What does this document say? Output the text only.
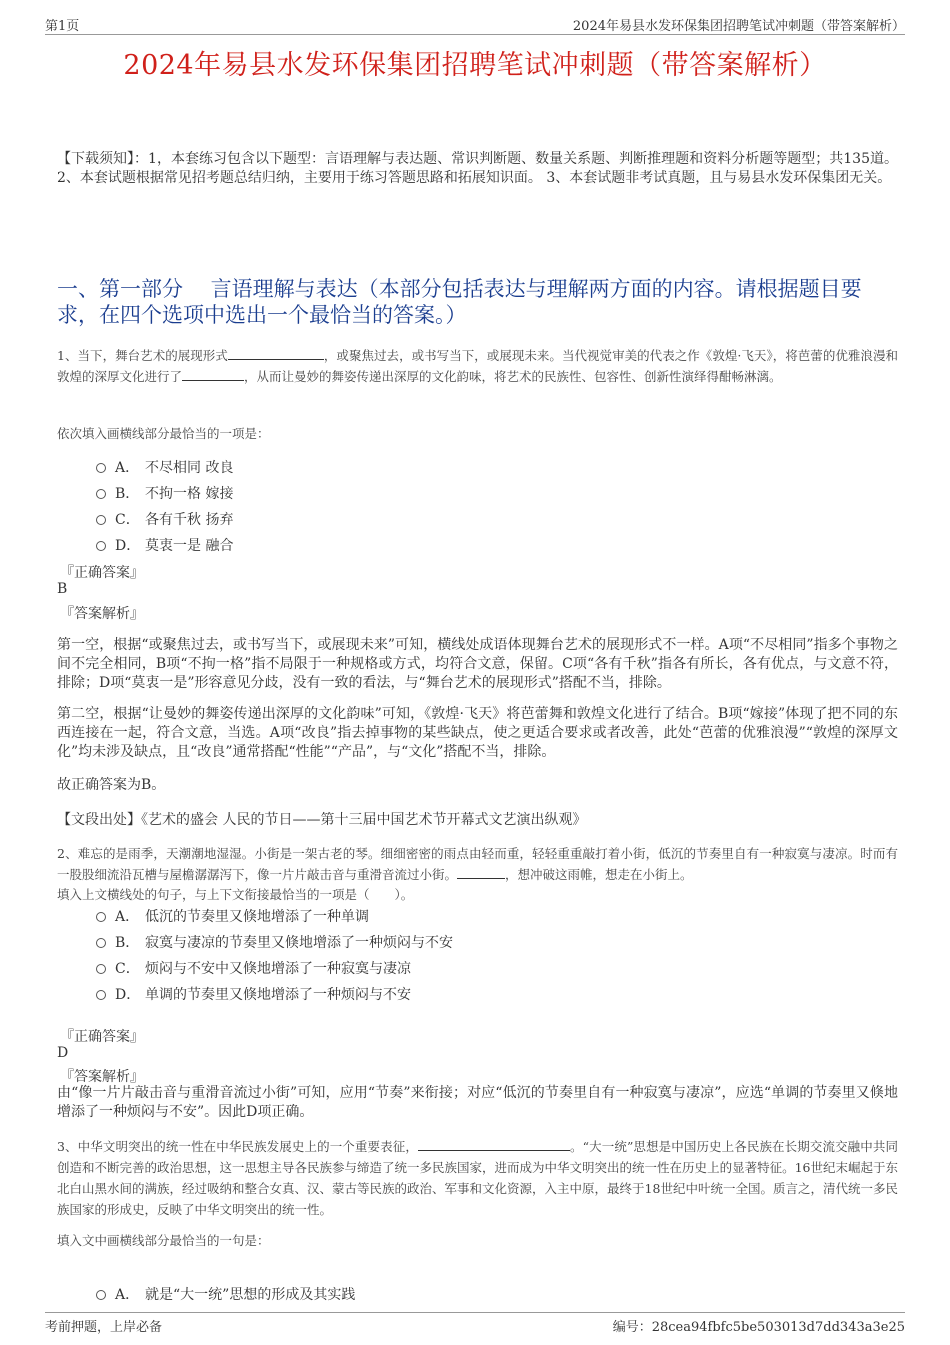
第1页	2024年易县水发环保集团招聘笔试冲刺题（带答案解析）
2024年易县水发环保集团招聘笔试冲刺题（带答案解析）
【下载须知】：1，本套练习包含以下题型：言语理解与表达题、常识判断题、数量关系题、判断推理题和资料分析题等题型；共135道。 2、本套试题根据常见招考题总结归纳，主要用于练习答题思路和拓展知识面。 3、本套试题非考试真题，且与易县水发环保集团无关。
一、第一部分　 言语理解与表达（本部分包括表达与理解两方面的内容。请根据题目要求，在四个选项中选出一个最恰当的答案。）
1、当下，舞台艺术的展现形式	，或聚焦过去，或书写当下，或展现未来。当代视觉审美的代表之作《敦煌·飞天》，将芭蕾的优雅浪漫和敦煌的深厚文化进行了	，从而让曼妙的舞姿传递出深厚的文化韵味，将艺术的民族性、包容性、创新性演绎得酣畅淋漓。
依次填入画横线部分最恰当的一项是：
A． 不尽相同 改良
B． 不拘一格 嫁接
C． 各有千秋 扬弃
D． 莫衷一是 融合
『正确答案』
B
『答案解析』
第一空，根据“或聚焦过去，或书写当下，或展现未来”可知，横线处成语体现舞台艺术的展现形式不一样。A项“不尽相同”指多个事物之间不完全相同，B项“不拘一格”指不局限于一种规格或方式，均符合文意，保留。C项“各有千秋”指各有所长，各有优点，与文意不符，排除；D项“莫衷一是”形容意见分歧，没有一致的看法，与“舞台艺术的展现形式”搭配不当，排除。
第二空，根据“让曼妙的舞姿传递出深厚的文化韵味”可知，《敦煌·飞天》将芭蕾舞和敦煌文化进行了结合。B项“嫁接”体现了把不同的东西连接在一起，符合文意，当选。A项“改良”指去掉事物的某些缺点，使之更适合要求或者改善，此处“芭蕾的优雅浪漫”“敦煌的深厚文化”均未涉及缺点，且“改良”通常搭配“性能”“产品”，与“文化”搭配不当，排除。
故正确答案为B。
【文段出处】《艺术的盛会 人民的节日——第十三届中国艺术节开幕式文艺演出纵观》
2、难忘的是雨季，天潮潮地湿湿。小街是一架古老的琴。细细密密的雨点由轻而重，轻轻重重敲打着小街，低沉的节奏里自有一种寂寞与凄凉。时而有一股股细流沿瓦槽与屋檐潺潺泻下，像一片片敲击音与重滑音流过小街。	，想冲破这雨帷，想走在小街上。
填入上文横线处的句子，与上下文衔接最恰当的一项是（　　）。
A． 低沉的节奏里又倏地增添了一种单调
B． 寂寞与凄凉的节奏里又倏地增添了一种烦闷与不安
C． 烦闷与不安中又倏地增添了一种寂寞与凄凉
D． 单调的节奏里又倏地增添了一种烦闷与不安
『正确答案』
D
『答案解析』
由“像一片片敲击音与重滑音流过小街”可知，应用“节奏”来衔接；对应“低沉的节奏里自有一种寂寞与凄凉”，应选“单调的节奏里又倏地增添了一种烦闷与不安”。因此D项正确。
3、中华文明突出的统一性在中华民族发展史上的一个重要表征，	。“大一统”思想是中国历史上各民族在长期交流交融中共同创造和不断完善的政治思想，这一思想主导各民族参与缔造了统一多民族国家，进而成为中华文明突出的统一性在历史上的显著特征。16世纪末崛起于东北白山黑水间的满族，经过吸纳和整合女真、汉、蒙古等民族的政治、军事和文化资源，入主中原，最终于18世纪中叶统一全国。质言之，清代统一多民族国家的形成史，反映了中华文明突出的统一性。
填入文中画横线部分最恰当的一句是：
A． 就是“大一统”思想的形成及其实践
考前押题，上岸必备	编号：28cea94fbfc5be503013d7dd343a3e25
